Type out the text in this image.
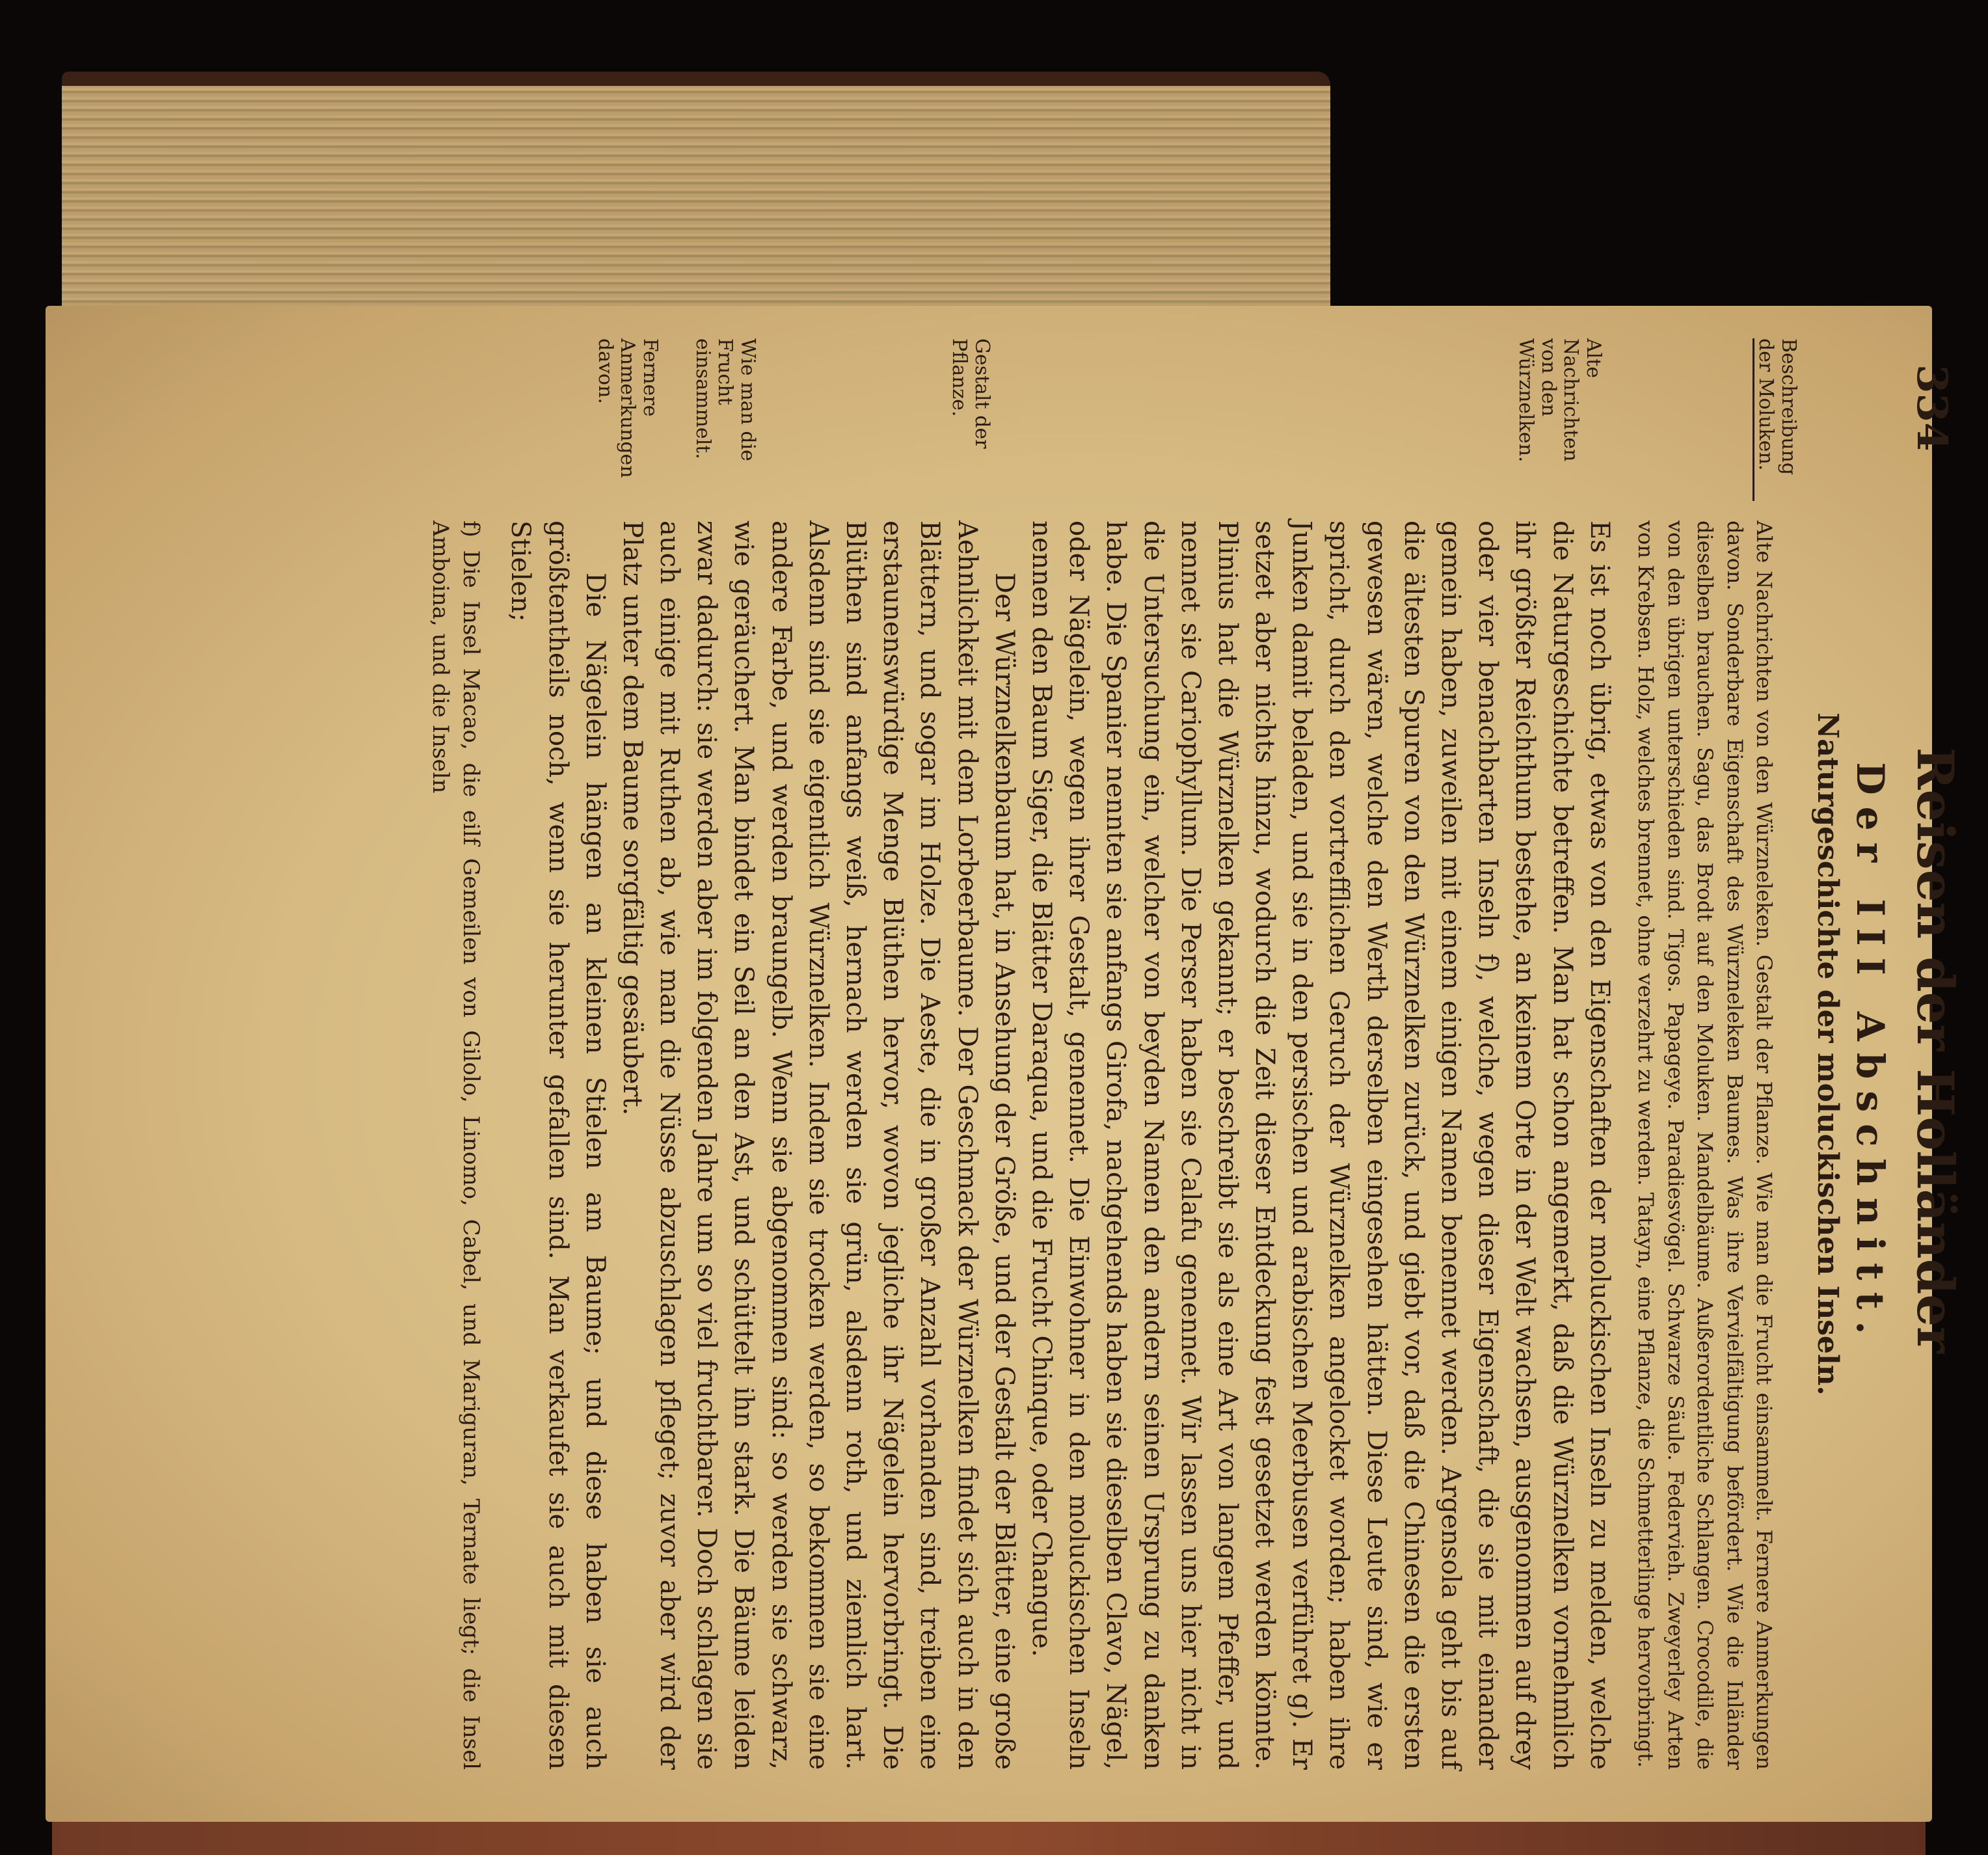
334
Reisen der Holländer
Der III Abschnitt.
Naturgeschichte der moluckischen Inseln.
Beschreibung der Moluken.
Alte Nachrichten von den Würznelken.
Gestalt der Pflanze.
Wie man die Frucht einsammelt.
Fernere Anmerkungen davon.

Alte Nachrichten von den Würzneleken. Gestalt der Pflanze. Wie man die Frucht einsammelt. Fernere Anmerkungen davon. Sonderbare Eigenschaft des Würzneleken Baumes. Was ihre Vervielfältigung befördert. Wie die Inländer dieselben brauchen. Sagu, das Brodt auf den Moluken. Mandelbäume. Außerordentliche Schlangen. Crocodile, die von den übrigen unterschieden sind. Tigos. Papageye. Paradiesvögel. Schwarze Säule. Federvieh. Zweyerley Arten von Krebsen. Holz, welches brennet, ohne verzehrt zu werden. Tatayn, eine Pflanze, die Schmetterlinge hervorbringt.

Es ist noch übrig, etwas von den Eigenschaften der moluckischen Inseln zu melden, welche die Naturgeschichte betreffen. Man hat schon angemerkt, daß die Würznelken vornehmlich ihr größter Reichthum bestehe, an keinem Orte in der Welt wachsen, ausgenommen auf drey oder vier benachbarten Inseln f), welche, wegen dieser Eigenschaft, die sie mit einander gemein haben, zuweilen mit einem einigen Namen benennet werden. Argensola geht bis auf die ältesten Spuren von den Würznelken zurück, und giebt vor, daß die Chinesen die ersten gewesen wären, welche den Werth derselben eingesehen hätten. Diese Leute sind, wie er spricht, durch den vortrefflichen Geruch der Würznelken angelocket worden; haben ihre Junken damit beladen, und sie in den persischen und arabischen Meerbusen verführet g). Er setzet aber nichts hinzu, wodurch die Zeit dieser Entdeckung fest gesetzet werden könnte. Plinius hat die Würznelken gekannt; er beschreibt sie als eine Art von langem Pfeffer, und nennet sie Cariophyllum. Die Perser haben sie Calafu genennet. Wir lassen uns hier nicht in die Untersuchung ein, welcher von beyden Namen den andern seinen Ursprung zu danken habe. Die Spanier nennten sie anfangs Girofa, nachgehends haben sie dieselben Clavo, Nägel, oder Nägelein, wegen ihrer Gestalt, genennet. Die Einwohner in den moluckischen Inseln nennen den Baum Siger, die Blätter Daraqua, und die Frucht Chinque, oder Changue.

Der Würznelkenbaum hat, in Ansehung der Größe, und der Gestalt der Blätter, eine große Aehnlichkeit mit dem Lorbeerbaume. Der Geschmack der Würznelken findet sich auch in den Blättern, und sogar im Holze. Die Aeste, die in großer Anzahl vorhanden sind, treiben eine erstaunenswürdige Menge Blüthen hervor, wovon jegliche ihr Nägelein hervorbringt. Die Blüthen sind anfangs weiß, hernach werden sie grün, alsdenn roth, und ziemlich hart. Alsdenn sind sie eigentlich Würznelken. Indem sie trocken werden, so bekommen sie eine andere Farbe, und werden braungelb. Wenn sie abgenommen sind: so werden sie schwarz, wie geräuchert. Man bindet ein Seil an den Ast, und schüttelt ihn stark. Die Bäume leiden zwar dadurch: sie werden aber im folgenden Jahre um so viel fruchtbarer. Doch schlagen sie auch einige mit Ruthen ab, wie man die Nüsse abzuschlagen pfleget; zuvor aber wird der Platz unter dem Baume sorgfältig gesäubert.

Die Nägelein hängen an kleinen Stielen am Baume; und diese haben sie auch größtentheils noch, wenn sie herunter gefallen sind. Man verkaufet sie auch mit diesen Stielen;

f) Die Insel Macao, die eilf Gemeilen von Gilolo, Linomo, Cabel, und Mariguran, Ternate liegt; die Insel Amboina, und die Inseln
